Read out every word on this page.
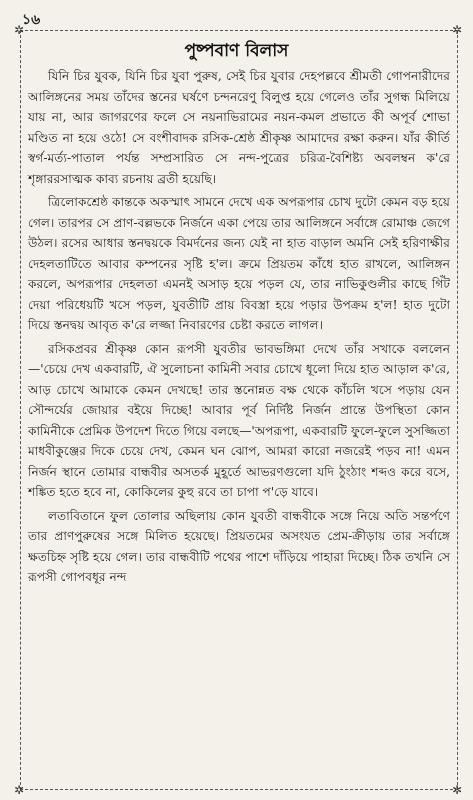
১৬
✲	✲
✲	✲
পুষ্পবাণ বিলাস

যিনি চির যুবক, যিনি চির যুবা পুরুষ, সেই চির যুবার দেহপল্লবে শ্রীমতী গোপনারীদের আলিঙ্গনের সময় তাঁদের স্তনের ঘর্ষণে চন্দনরেণু বিলুপ্ত হয়ে গেলেও তাঁর সুগন্ধ মিলিয়ে যায় না, আর জাগরণের ফলে সে নয়নাভিরামের নয়ন-কমল প্রভাতে কী অপূর্ব শোভা মণ্ডিত না হয়ে ওঠে! সে বংশীবাদক রসিক-শ্রেষ্ঠ শ্রীকৃষ্ণ আমাদের রক্ষা করুন। যাঁর কীর্তি স্বর্গ-মর্ত্য-পাতাল পর্যন্ত সম্প্রসারিত সে নন্দ-পুত্রের চরিত্র-বৈশিষ্ট্য অবলম্বন ক'রে শৃঙ্গাররসাত্মক কাব্য রচনায় ব্রতী হয়েছি।

ত্রিলোকশ্রেষ্ঠ কান্তকে অকস্মাৎ সামনে দেখে এক অপরূপার চোখ দুটো কেমন বড় হয়ে গেল। তারপর সে প্রাণ-বল্লভকে নির্জনে একা পেয়ে তার আলিঙ্গনে সর্বাঙ্গে রোমাঞ্চ জেগে উঠল। রসের আধার স্তনদ্বয়কে বিমর্দনের জন্য যেই না হাত বাড়াল অমনি সেই হরিণাক্ষীর দেহলতাটিতে আবার কম্পনের সৃষ্টি হ'ল। ক্রমে প্রিয়তম কাঁধে হাত রাখলে, আলিঙ্গন করলে, অপরূপার দেহলতা এমনই অসাড় হয়ে পড়ল যে, তার নাভিকুণ্ডলীর কাছে গিঁট দেয়া পরিধেয়টি খসে পড়ল, যুবতীটি প্রায় বিবস্ত্রা হয়ে পড়ার উপক্রম হ'ল! হাত দুটো দিয়ে স্তনদ্বয় আবৃত ক'রে লজ্জা নিবারণের চেষ্টা করতে লাগল।

রসিকপ্রবর শ্রীকৃষ্ণ কোন রূপসী যুবতীর ভাবভঙ্গিমা দেখে তাঁর সখাকে বললেন—'চেয়ে দেখ একবারটি, ঐ সুলোচনা কামিনী সবার চোখে ধূলো দিয়ে হাত আড়াল ক'রে, আড় চোখে আমাকে কেমন দেখছে! তার স্তনোন্নত বক্ষ থেকে কাঁচলি খসে পড়ায় যেন সৌন্দর্যের জোয়ার বইয়ে দিচ্ছে! আবার পূর্ব নির্দিষ্ট নির্জন প্রান্তে উপস্থিতা কোন কামিনীকে প্রেমিক উপদেশ দিতে গিয়ে বলছে—'অপরূপা, একবারটি ফুলে-ফুলে সুসজ্জিতা মাধবীকুঞ্জের দিকে চেয়ে দেখ, কেমন ঘন ঝোপ, আমরা কারো নজরেই পড়ব না! এমন নির্জন স্থানে তোমার বান্ধবীর অসতর্ক মুহূর্তে আভরণগুলো যদি ঠুংঠাং শব্দও করে বসে, শঙ্কিত হতে হবে না, কোকিলের কুহু রবে তা চাপা প'ড়ে যাবে।

লতাবিতানে ফুল তোলার অছিলায় কোন যুবতী বান্ধবীকে সঙ্গে নিয়ে অতি সন্তর্পণে তার প্রাণপুরুষের সঙ্গে মিলিত হয়েছে। প্রিয়তমের অসংযত প্রেম-ক্রীড়ায় তার সর্বাঙ্গে ক্ষতচিহ্ন সৃষ্টি হয়ে গেল। তার বান্ধবীটি পথের পাশে দাঁড়িয়ে পাহারা দিচ্ছে। ঠিক তখনি সে রূপসী গোপবধূর নন্দ
